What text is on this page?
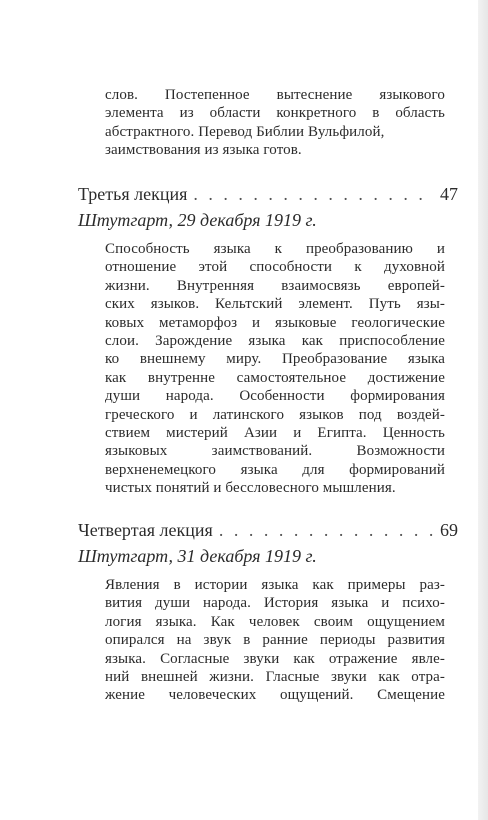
слов. Постепенное вытеснение языкового
элемента из области конкретного в область
абстрактного. Перевод Библии Вульфилой,
заимствования из языка готов.
Третья лекция . . .	47
Штутгарт, 29 декабря 1919 г.
Способность языка к преобразованию и
отношение этой способности к духовной
жизни. Внутренняя взаимосвязь европей-
ских языков. Кельтский элемент. Путь язы-
ковых метаморфоз и языковые геологические
слои. Зарождение языка как приспособление
ко внешнему миру. Преобразование языка
как внутренне самостоятельное достижение
души народа. Особенности формирования
греческого и латинского языков под воздей-
ствием мистерий Азии и Египта. Ценность
языковых заимствований. Возможности
верхненемецкого языка для формирований
чистых понятий и бессловесного мышления.
Четвертая лекция . . .	69
Штутгарт, 31 декабря 1919 г.
Явления в истории языка как примеры раз-
вития души народа. История языка и психо-
логия языка. Как человек своим ощущением
опирался на звук в ранние периоды развития
языка. Согласные звуки как отражение явле-
ний внешней жизни. Гласные звуки как отра-
жение человеческих ощущений. Смещение
